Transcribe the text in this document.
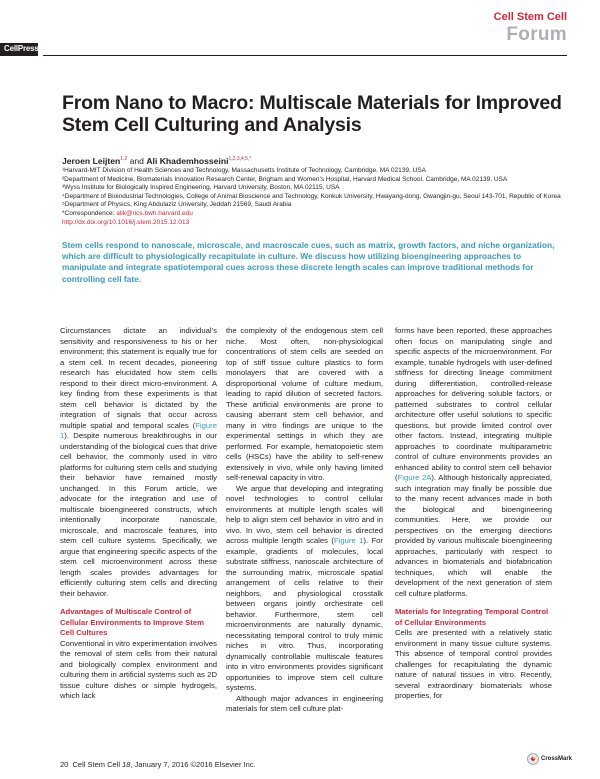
CellPress
Cell Stem Cell
Forum
From Nano to Macro: Multiscale Materials for Improved Stem Cell Culturing and Analysis
Jeroen Leijten$^{1,2}$ and Ali Khademhosseini$^{1,2,3,4,5,*}$

¹Harvard-MIT Division of Health Sciences and Technology, Massachusetts Institute of Technology, Cambridge, MA 02139, USA

²Department of Medicine, Biomaterials Innovation Research Center, Brigham and Women’s Hospital, Harvard Medical School, Cambridge, MA 02139, USA

³Wyss Institute for Biologically Inspired Engineering, Harvard University, Boston, MA 02115, USA

⁴Department of Bioindustrial Technologies, College of Animal Bioscience and Technology, Konkuk University, Hwayang-dong, Gwangjin-gu, Seoul 143-701, Republic of Korea

⁵Department of Physics, King Abdulaziz University, Jeddah 21569, Saudi Arabia

*Correspondence: alik@rics.bwh.harvard.edu

http://dx.doi.org/10.1016/j.stem.2015.12.013

Stem cells respond to nanoscale, microscale, and macroscale cues, such as matrix, growth factors, and niche organization, which are difficult to physiologically recapitulate in culture. We discuss how utilizing bioengineering approaches to manipulate and integrate spatiotemporal cues across these discrete length scales can improve traditional methods for controlling cell fate.

Circumstances dictate an individual’s sensitivity and responsiveness to his or her environment; this statement is equally true for a stem cell. In recent decades, pioneering research has elucidated how stem cells respond to their direct micro-environment. A key finding from these experiments is that stem cell behavior is dictated by the integration of signals that occur across multiple spatial and temporal scales (Figure 1). Despite numerous breakthroughs in our understanding of the biological cues that drive cell behavior, the commonly used in vitro platforms for culturing stem cells and studying their behavior have remained mostly unchanged. In this Forum article, we advocate for the integration and use of multiscale bioengineered constructs, which intentionally incorporate nanoscale, microscale, and macroscale features, into stem cell culture systems. Specifically, we argue that engineering specific aspects of the stem cell microenvironment across these length scales provides advantages for efficiently culturing stem cells and directing their behavior.

Advantages of Multiscale Control of Cellular Environments to Improve Stem Cell Cultures

Conventional in vitro experimentation involves the removal of stem cells from their natural and biologically complex environment and culturing them in artificial systems such as 2D tissue culture dishes or simple hydrogels, which lack

the complexity of the endogenous stem cell niche. Most often, non-physiological concentrations of stem cells are seeded on top of stiff tissue culture plastics to form monolayers that are covered with a disproportional volume of culture medium, leading to rapid dilution of secreted factors. These artificial environments are prone to causing aberrant stem cell behavior, and many in vitro findings are unique to the experimental settings in which they are performed. For example, hematopoietic stem cells (HSCs) have the ability to self-renew extensively in vivo, while only having limited self-renewal capacity in vitro.

We argue that developing and integrating novel technologies to control cellular environments at multiple length scales will help to align stem cell behavior in vitro and in vivo. In vivo, stem cell behavior is directed across multiple length scales (Figure 1). For example, gradients of molecules, local substrate stiffness, nanoscale architecture of the surrounding matrix, microscale spatial arrangement of cells relative to their neighbors, and physiological crosstalk between organs jointly orchestrate cell behavior. Furthermore, stem cell microenvironments are naturally dynamic, necessitating temporal control to truly mimic niches in vitro. Thus, incorporating dynamically controllable multiscale features into in vitro environments provides significant opportunities to improve stem cell culture systems.

Although major advances in engineering materials for stem cell culture plat-

forms have been reported, these approaches often focus on manipulating single and specific aspects of the microenvironment. For example, tunable hydrogels with user-defined stiffness for directing lineage commitment during differentiation, controlled-release approaches for delivering soluble factors, or patterned substrates to control cellular architecture offer useful solutions to specific questions, but provide limited control over other factors. Instead, integrating multiple approaches to coordinate multiparametric control of culture environments provides an enhanced ability to control stem cell behavior (Figure 2A). Although historically appreciated, such integration may finally be possible due to the many recent advances made in both the biological and bioengineering communities. Here, we provide our perspectives on the emerging directions provided by various multiscale bioengineering approaches, particularly with respect to advances in biomaterials and biofabrication techniques, which will enable the development of the next generation of stem cell culture platforms.

Materials for Integrating Temporal Control of Cellular Environments

Cells are presented with a relatively static environment in many tissue culture systems. This absence of temporal control provides challenges for recapitulating the dynamic nature of natural tissues in vitro. Recently, several extraordinary biomaterials whose properties, for

20 Cell Stem Cell 18, January 7, 2016 ©2016 Elsevier Inc.
CrossMark
